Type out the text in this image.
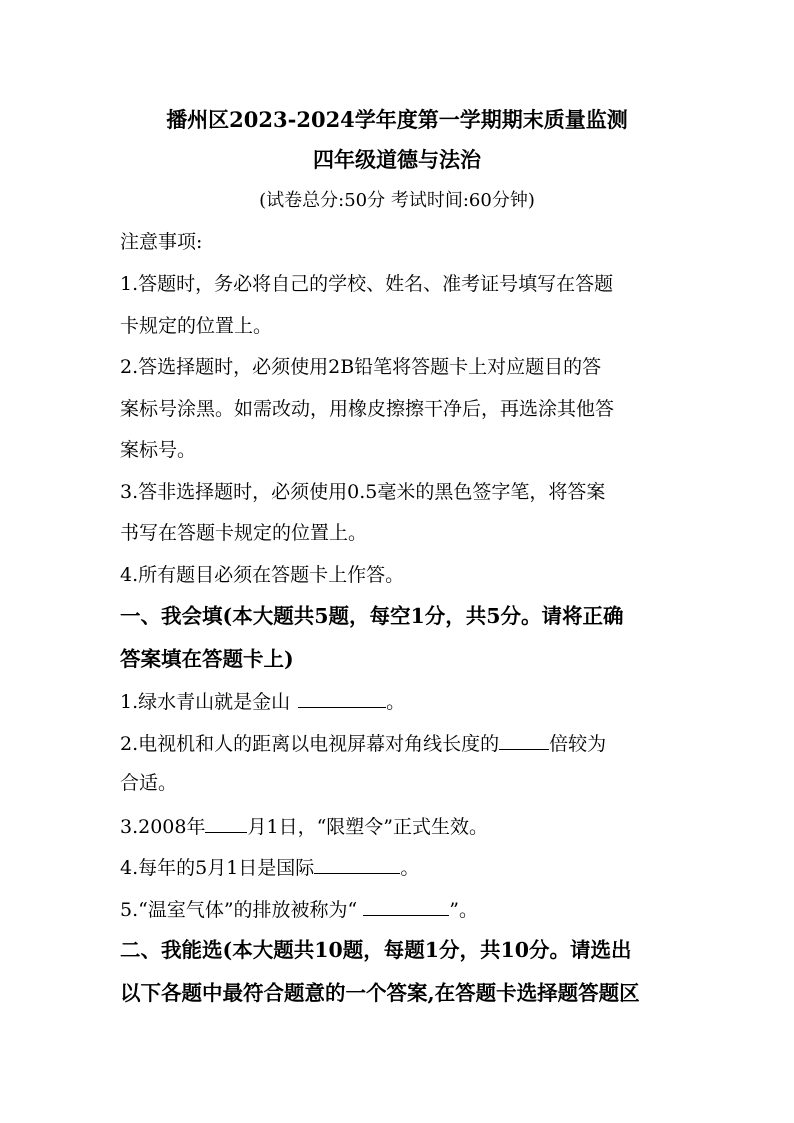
播州区2023-2024学年度第一学期期末质量监测
四年级道德与法治
(试卷总分:50分 考试时间:60分钟)
注意事项:
1.答题时，务必将自己的学校、姓名、准考证号填写在答题
卡规定的位置上。
2.答选择题时，必须使用2B铅笔将答题卡上对应题目的答
案标号涂黑。如需改动，用橡皮擦擦干净后，再选涂其他答
案标号。
3.答非选择题时，必须使用0.5毫米的黑色签字笔，将答案
书写在答题卡规定的位置上。
4.所有题目必须在答题卡上作答。
一、我会填(本大题共5题，每空1分，共5分。请将正确
答案填在答题卡上)
1.绿水青山就是金山	。
2.电视机和人的距离以电视屏幕对角线长度的	倍较为
合适。
3.2008年 月1日，“限塑令”正式生效。
4.每年的5月1日是国际	。
5.“温室气体”的排放被称为“	”。
二、我能选(本大题共10题，每题1分，共10分。请选出
以下各题中最符合题意的一个答案,在答题卡选择题答题区
